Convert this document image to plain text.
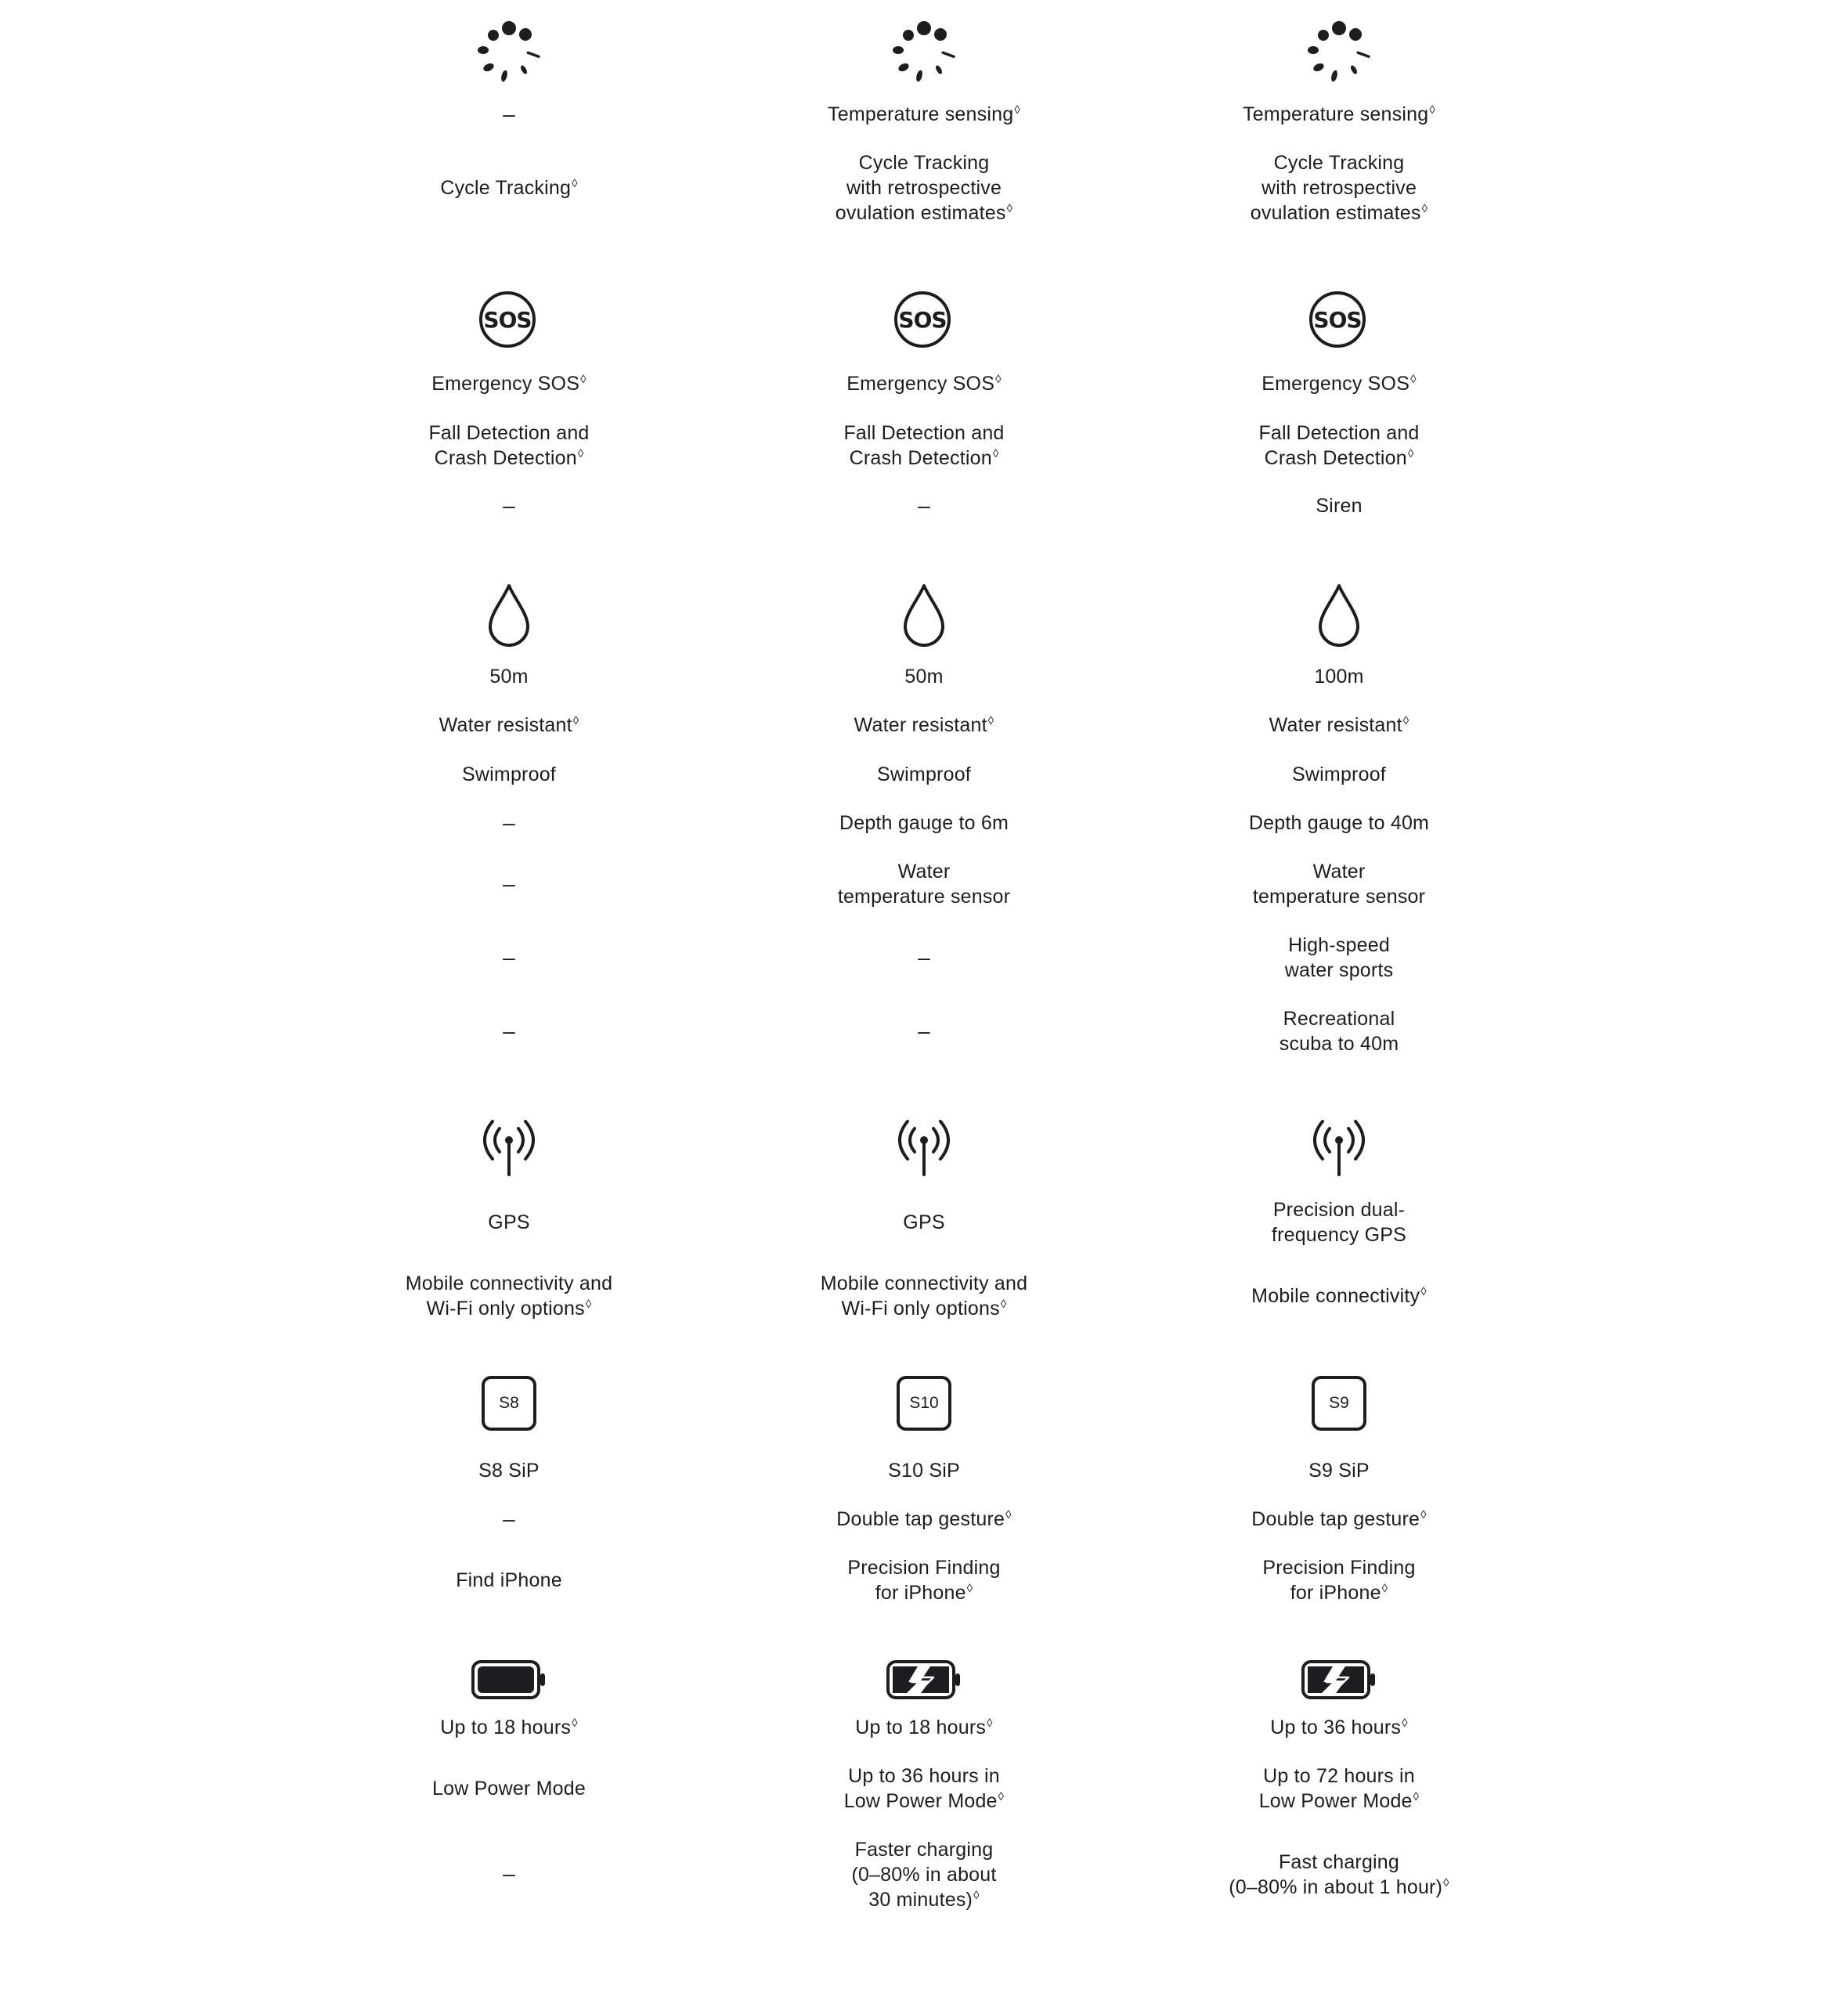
–
Cycle Tracking◊
SOS
Emergency SOS◊
Fall Detection and
Crash Detection◊
–
50m
Water resistant◊
Swimproof
–
–
–
–
GPS
Mobile connectivity and
Wi-Fi only options◊
S8
S8 SiP
–
Find iPhone
Up to 18 hours◊
Low Power Mode
–
Temperature sensing◊
Cycle Tracking
with retrospective
ovulation estimates◊
SOS
Emergency SOS◊
Fall Detection and
Crash Detection◊
–
50m
Water resistant◊
Swimproof
Depth gauge to 6m
Water
temperature sensor
–
–
GPS
Mobile connectivity and
Wi-Fi only options◊
S10
S10 SiP
Double tap gesture◊
Precision Finding
for iPhone◊
Up to 18 hours◊
Up to 36 hours in
Low Power Mode◊
Faster charging
(0–80% in about
30 minutes)◊
Temperature sensing◊
Cycle Tracking
with retrospective
ovulation estimates◊
SOS
Emergency SOS◊
Fall Detection and
Crash Detection◊
Siren
100m
Water resistant◊
Swimproof
Depth gauge to 40m
Water
temperature sensor
High-speed
water sports
Recreational
scuba to 40m
Precision dual-
frequency GPS
Mobile connectivity◊
S9
S9 SiP
Double tap gesture◊
Precision Finding
for iPhone◊
Up to 36 hours◊
Up to 72 hours in
Low Power Mode◊
Fast charging
(0–80% in about 1 hour)◊
